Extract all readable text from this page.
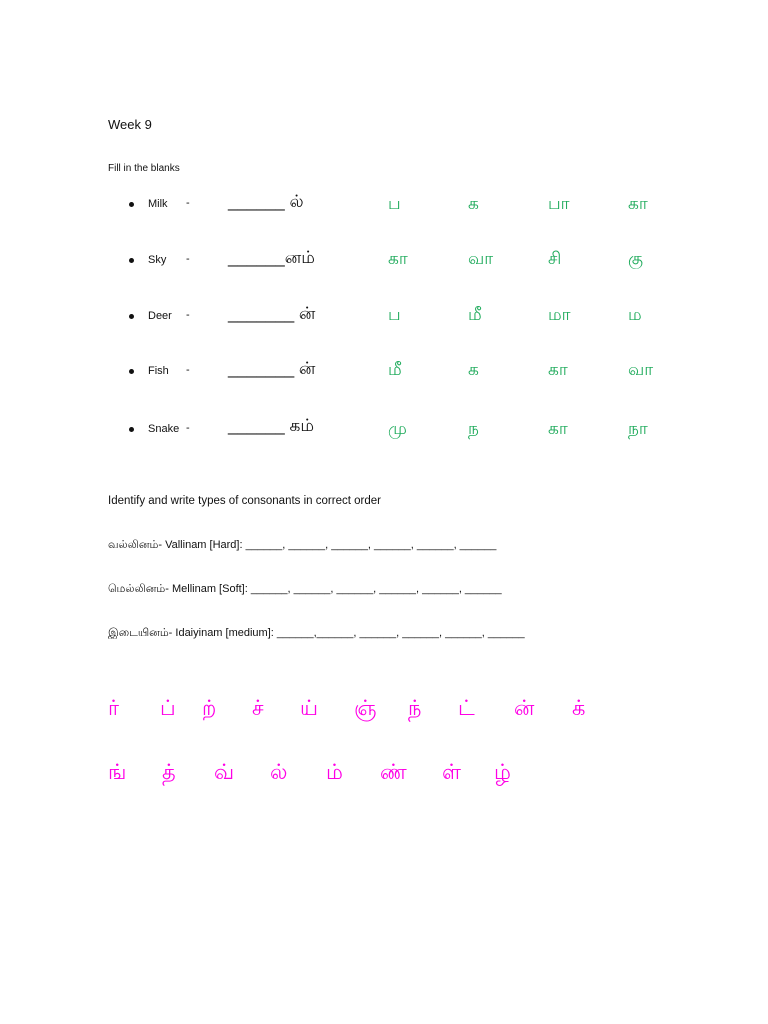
Week 9
Fill in the blanks
Milk - ______ ல்	ப	க	பா	கா
Sky - ______னம்	கா	வா	சி	கு
Deer - _______ ன்	ப	மீ	மா	ம
Fish - _______ ன்	மீ	க	கா	வா
Snake - ______ கம்	மு	ந	கா	நா
Identify and write types of consonants in correct order
வல்லினம்- Vallinam [Hard]: ______, ______, ______, ______, ______, ______
மெல்லினம்- Mellinam [Soft]: ______, ______, ______, ______, ______, ______
இடையினம்- Idaiyinam [medium]: ______,______, ______, ______, ______, ______
ர் ப் ற் ச் ய் ஞ் ந் ட் ன் க்
ங் த் வ் ல் ம் ண் ள் ழ்
